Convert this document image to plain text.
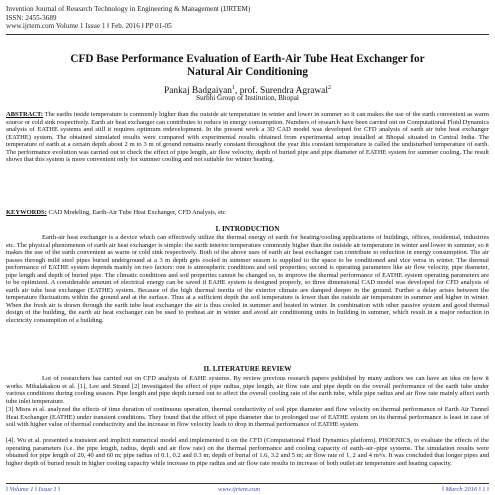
Invention Journal of Research Technology in Engineering & Management (IJRTEM)
ISSN: 2455-3689
www.ijrtem.com Volume 1 Issue 1 ǁ Feb. 2016 ǁ PP 01-05
CFD Base Performance Evaluation of Earth-Air Tube Heat Exchanger for
Natural Air Conditioning
Pankaj Badgaiyan$^1$, prof. Surendra Agrawal$^2$
Surbhi Group of Institution, Bhopal
ABSTRACT: The earths inside temperature is commonly higher than the outside air temperature in winter and lower in summer so it can makes the use of the earth convenient as warm source or cold sink respectively. Earth air heat exchanger can contributes to reduce in energy consumption. Numbers of research have been carried out on Computational Fluid Dynamics analysis of EATHE systems and still it requires optimum redevelopment. In the present work a 3D CAD model was developed for CFD analysis of earth air tube heat exchanger (EATHE) system. The obtained simulated results were compared with experimental results obtained from experimental setup installed at Bhopal situated in Central India. The temperature of earth at a certain depth about 2 m to 3 m of ground remains nearly constant throughout the year this constant temperature is called the undisturbed temperature of earth. The performance evolution was carried out to check the effect of pipe length, air flow velocity, depth of buried pipe and pipe diameter of EATHE system for summer cooling. The result shows that this system is more convenient only for summer cooling and not suitable for winter heating.
KEYWORDS: CAD Modeling, Earth-Air Tube Heat Exchanger, CFD Analysis, etc
I. INTRODUCTION
Earth-air heat exchanger is a device which can effectively utilize the thermal energy of earth for heating/cooling applications of buildings, offices, residential, industries etc. The physical phenomenon of earth air heat exchanger is simple: the earth interior temperature commonly higher than the outside air temperature in winter and lower in summer, so it makes the use of the earth convenient as warm or cold sink respectively. Both of the above uses of earth air heat exchanger can contribute to reduction in energy consumption. The air passes through mild steel pipes buried underground at a 3 m depth gets cooled in summer season is supplied to the space to be conditioned and vice versa in winter. The thermal performance of EATHE system depends mainly on two factors: one is atmospheric conditions and soil properties; second is operating parameters like air flow velocity, pipe diameter, pipe length and depth of buried pipe. The climatic conditions and soil properties cannot be changed so, to improve the thermal performance of EATHE system operating parameters are to be optimized. A considerable amount of electrical energy can be saved if EAHE system is designed properly, so three dimensional CAD model was developed for CFD analysis of earth air tube heat exchanger (EATHE) system. Because of the high thermal inertia of the exterior climate are damped deeper in the ground. Further a delay arises between the temperature fluctuations within the ground and at the surface. Thus at a sufficient depth the soil temperature is lower than the outside air temperature in summer and higher in winter. When the fresh air is drawn through the earth tube heat exchanger the air is thus cooled in summer and heated in winter. In combination with other passive system and good thermal design of the building, the earth air heat exchanger can be used to preheat air in winter and avoid air conditioning units in building in summer, which result in a major reduction in electricity consumption of a building.
II. LITERATURE REVIEW
Lot of researchers has carried out on CFD analysis of EAHE systems. By review previous research papers published by many authors we can have an idea on how it works. Mihalakakou et al. [1], Lee and Strand [2] investigated the effect of pipe radius, pipe length, air flow rate and pipe depth on the overall performance of the earth tube under various conditions during cooling season. Pipe length and pipe depth turned out to affect the overall cooling rate of the earth tube, while pipe radius and air flow rate mainly affect earth tube inlet temperature.
[3] Misra et al. analyzed the effects of time duration of continuous operation, thermal conductivity of soil pipe diameter and flow velocity on thermal performance of Earth Air Tunnel Heat Exchanger (EATHE) under transient conditions. They found that the effect of pipe diameter due to prolonged use of EATHE system on its thermal performance is least in case of soil with higher value of thermal conductivity and the increase in flow velocity leads to drop in thermal performance of EATHE system
[4]. Wu et al. presented a transient and implicit numerical model and implemented it on the CFD (Computational Fluid Dynamics platform), PHOENICS, to evaluate the effects of the operating parameters (i.e. the pipe length, radius, depth and air flow rate) on the thermal performance and cooling capacity of earth–air–pipe systems. The simulation results were obtained for pipe length of 20, 40 and 60 m; pipe radius of 0.1, 0.2 and 0.3 m; depth of burial of 1.6, 3.2 and 5 m; air flow rate of 1, 2 and 4 m³/s. It was concluded that longer pipes and higher depth of buried result in higher cooling capacity while increase in pipe radius and air flow rate results in increase of both outlet air temperature and heating capacity.
ǁ Volume 1 ǁ Issue 1 ǁ	www.ijrtem.com	ǁ March 2016 ǁ 1 ǁ
